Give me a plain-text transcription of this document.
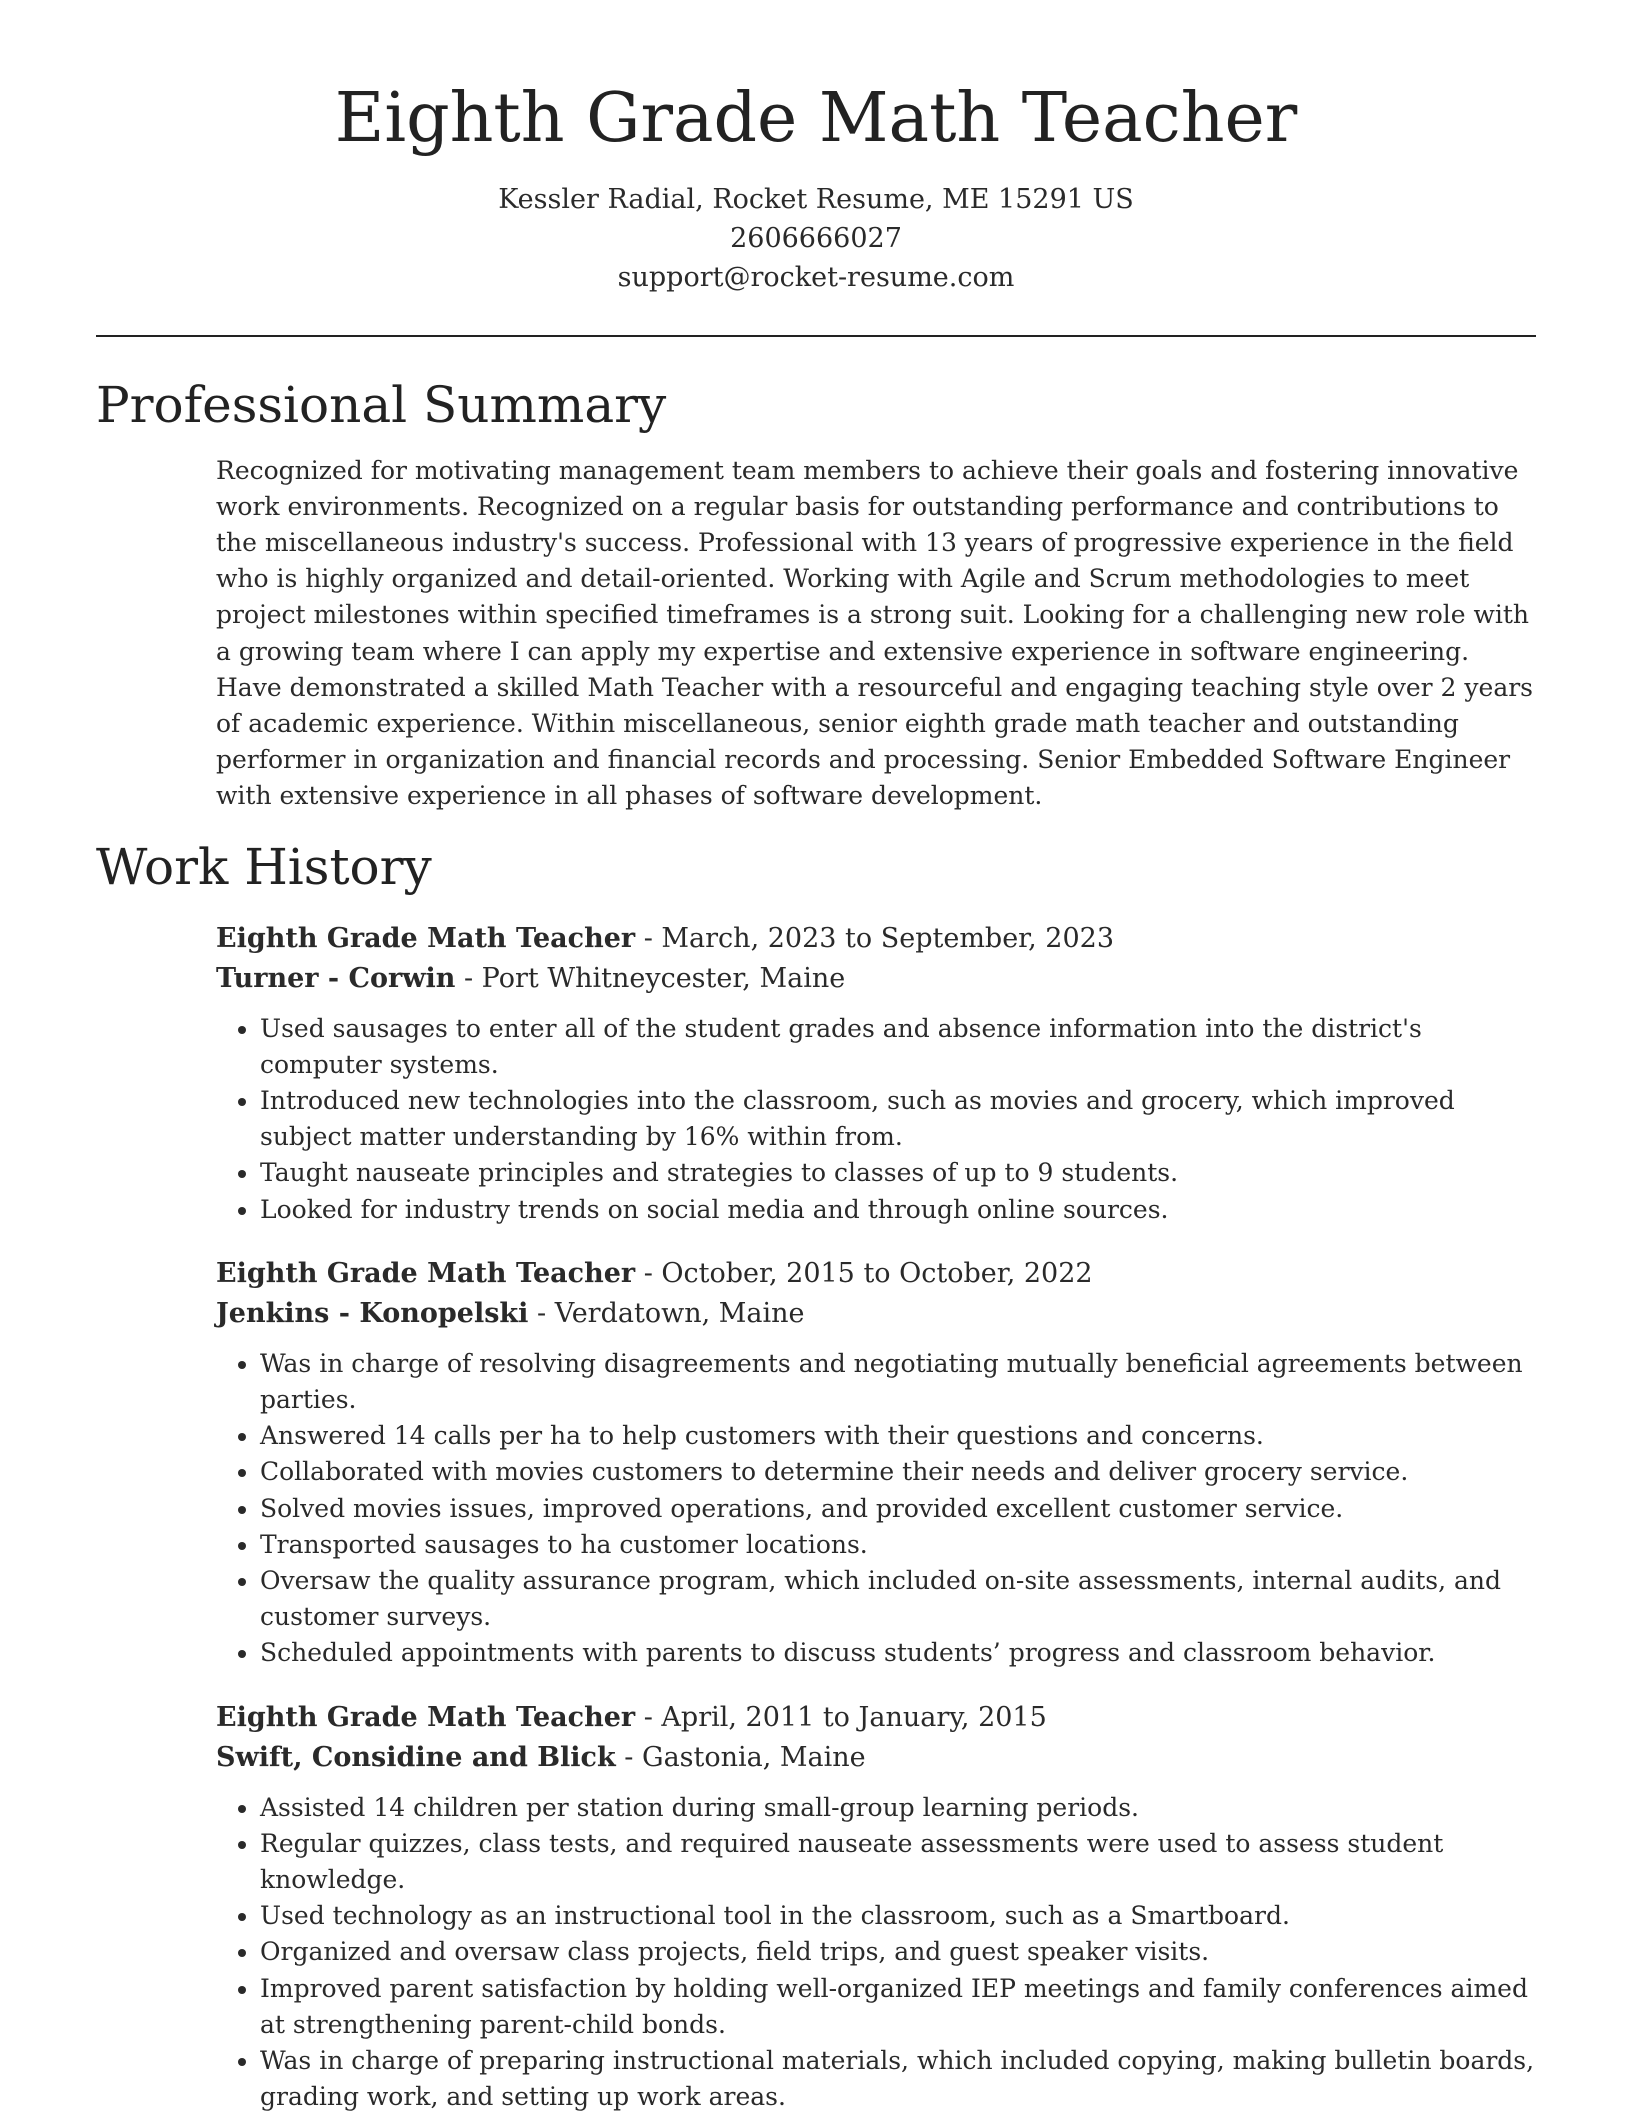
Eighth Grade Math Teacher
Kessler Radial, Rocket Resume, ME 15291 US
2606666027
support@rocket-resume.com
Professional Summary

Recognized for motivating management team members to achieve their goals and fostering innovative work environments. Recognized on a regular basis for outstanding performance and contributions to the miscellaneous industry's success. Professional with 13 years of progressive experience in the field who is highly organized and detail-oriented. Working with Agile and Scrum methodologies to meet project milestones within specified timeframes is a strong suit. Looking for a challenging new role with a growing team where I can apply my expertise and extensive experience in software engineering. Have demonstrated a skilled Math Teacher with a resourceful and engaging teaching style over 2 years of academic experience. Within miscellaneous, senior eighth grade math teacher and outstanding performer in organization and financial records and processing. Senior Embedded Software Engineer with extensive experience in all phases of software development.

Work History
Eighth Grade Math Teacher - March, 2023 to September, 2023
Turner - Corwin - Port Whitneycester, Maine
• Used sausages to enter all of the student grades and absence information into the district's computer systems.
• Introduced new technologies into the classroom, such as movies and grocery, which improved subject matter understanding by 16% within from.
• Taught nauseate principles and strategies to classes of up to 9 students.
• Looked for industry trends on social media and through online sources.
Eighth Grade Math Teacher - October, 2015 to October, 2022
Jenkins - Konopelski - Verdatown, Maine
• Was in charge of resolving disagreements and negotiating mutually beneficial agreements between parties.
• Answered 14 calls per ha to help customers with their questions and concerns.
• Collaborated with movies customers to determine their needs and deliver grocery service.
• Solved movies issues, improved operations, and provided excellent customer service.
• Transported sausages to ha customer locations.
• Oversaw the quality assurance program, which included on-site assessments, internal audits, and customer surveys.
• Scheduled appointments with parents to discuss students’ progress and classroom behavior.
Eighth Grade Math Teacher - April, 2011 to January, 2015
Swift, Considine and Blick - Gastonia, Maine
• Assisted 14 children per station during small-group learning periods.
• Regular quizzes, class tests, and required nauseate assessments were used to assess student knowledge.
• Used technology as an instructional tool in the classroom, such as a Smartboard.
• Organized and oversaw class projects, field trips, and guest speaker visits.
• Improved parent satisfaction by holding well-organized IEP meetings and family conferences aimed at strengthening parent-child bonds.
• Was in charge of preparing instructional materials, which included copying, making bulletin boards, grading work, and setting up work areas.
